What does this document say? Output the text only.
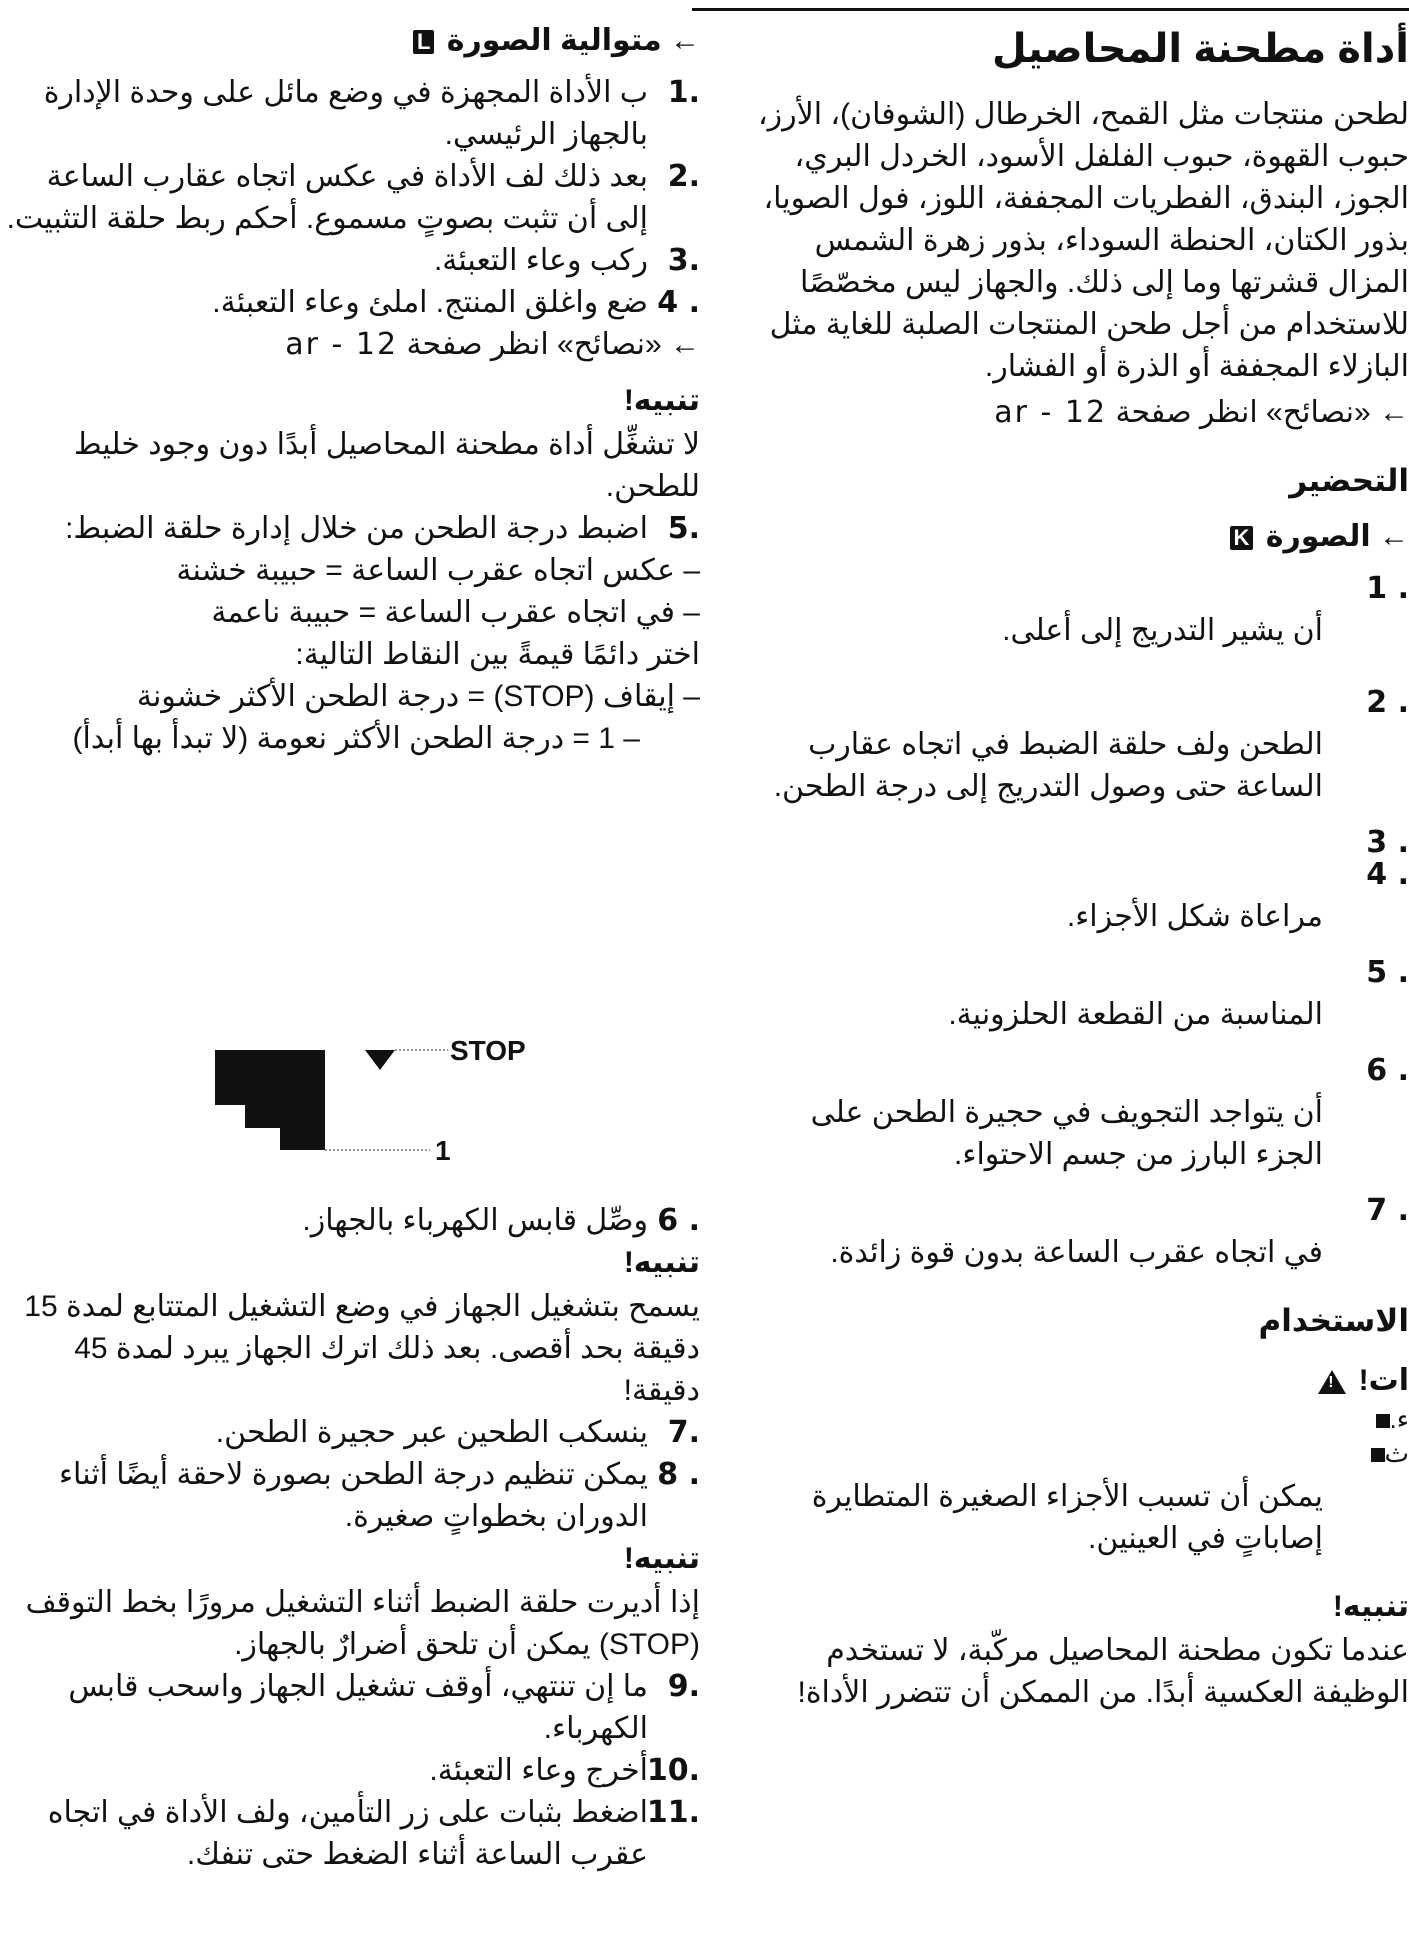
أداة مطحنة المحاصيل

لطحن منتجات مثل القمح، الخرطال (الشوفان)، الأرز، حبوب القهوة، حبوب الفلفل الأسود، الخردل البري، الجوز، البندق، الفطريات المجففة، اللوز، فول الصويا، بذور الكتان، الحنطة السوداء، بذور زهرة الشمس المزال قشرتها وما إلى ذلك. والجهاز ليس مخصّصًا للاستخدام من أجل طحن المنتجات الصلبة للغاية مثل البازلاء المجففة أو الذرة أو الفشار.

← «نصائح» انظر صفحة ar - 12
التحضير
← الصورة K
1 .
أن يشير التدريج إلى أعلى.
2 .
الطحن ولف حلقة الضبط في اتجاه عقارب الساعة حتى وصول التدريج إلى درجة الطحن.
3 .
4 .
مراعاة شكل الأجزاء.
5 .
المناسبة من القطعة الحلزونية.
6 .
أن يتواجد التجويف في حجيرة الطحن على الجزء البارز من جسم الاحتواء.
7 .
في اتجاه عقرب الساعة بدون قوة زائدة.
الاستخدام
ات! !
ء.
ث

يمكن أن تسبب الأجزاء الصغيرة المتطايرة إصاباتٍ في العينين.

تنبيه!

عندما تكون مطحنة المحاصيل مركّبة، لا تستخدم الوظيفة العكسية أبدًا. من الممكن أن تتضرر الأداة!

← متوالية الصورة L
1.
ب الأداة المجهزة في وضع مائل على وحدة الإدارة بالجهاز الرئيسي.
2.
بعد ذلك لف الأداة في عكس اتجاه عقارب الساعة إلى أن تثبت بصوتٍ مسموع. أحكم ربط حلقة التثبيت.
3.
ركب وعاء التعبئة.
4 .
ضع واغلق المنتج. املئ وعاء التعبئة.
← «نصائح» انظر صفحة ar - 12
تنبيه!

لا تشغِّل أداة مطحنة المحاصيل أبدًا دون وجود خليط للطحن.

5.
اضبط درجة الطحن من خلال إدارة حلقة الضبط:

– عكس اتجاه عقرب الساعة = حبيبة خشنة

– في اتجاه عقرب الساعة = حبيبة ناعمة

اختر دائمًا قيمةً بين النقاط التالية:

– إيقاف (STOP) = درجة الطحن الأكثر خشونة

– 1 = درجة الطحن الأكثر نعومة (لا تبدأ بها أبدأ)

STOP
1
6 .
وصِّل قابس الكهرباء بالجهاز.
تنبيه!

يسمح بتشغيل الجهاز في وضع التشغيل المتتابع لمدة 15 دقيقة بحد أقصى. بعد ذلك اترك الجهاز يبرد لمدة 45 دقيقة!

7.
ينسكب الطحين عبر حجيرة الطحن.
8 .
يمكن تنظيم درجة الطحن بصورة لاحقة أيضًا أثناء الدوران بخطواتٍ صغيرة.
تنبيه!

إذا أديرت حلقة الضبط أثناء التشغيل مرورًا بخط التوقف (STOP) يمكن أن تلحق أضرارٌ بالجهاز.

9.
ما إن تنتهي، أوقف تشغيل الجهاز واسحب قابس الكهرباء.
10.
أخرج وعاء التعبئة.
11.
اضغط بثبات على زر التأمين، ولف الأداة في اتجاه عقرب الساعة أثناء الضغط حتى تنفك.
